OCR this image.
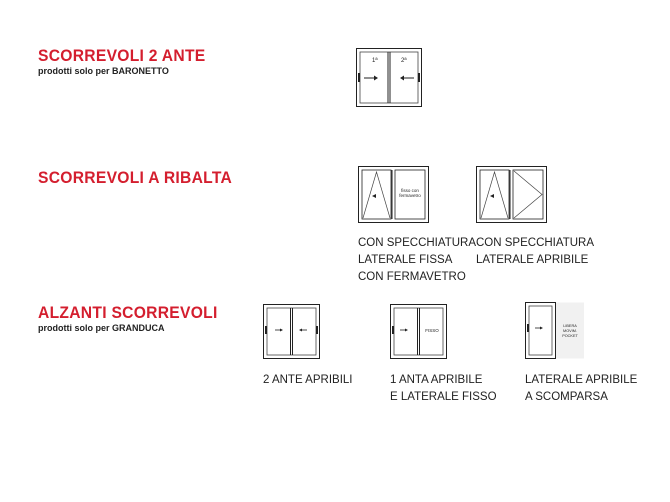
SCORREVOLI 2 ANTE

prodotti solo per BARONETTO

1ª	2ª
SCORREVOLI A RIBALTA
fisso con
fermavetro

CON SPECCHIATURA
LATERALE FISSA
CON FERMAVETRO

CON SPECCHIATURA
LATERALE APRIBILE

ALZANTI SCORREVOLI

prodotti solo per GRANDUCA	FISSO
LIBERA
MOVIM.
POCKET

2 ANTE APRIBILI	1 ANTA APRIBILE
E LATERALE FISSO

LATERALE APRIBILE
A SCOMPARSA
